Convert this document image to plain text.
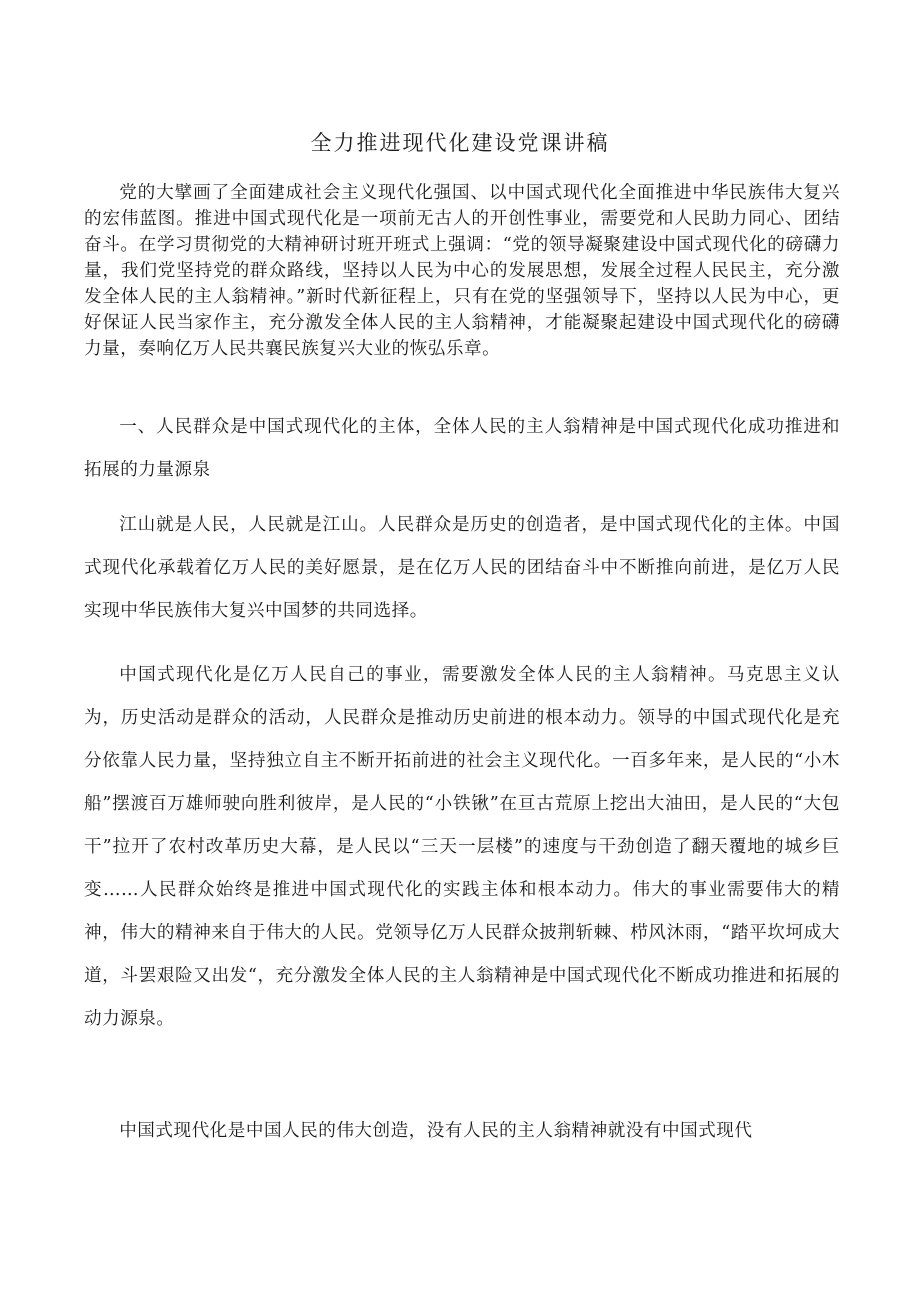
全力推进现代化建设党课讲稿

党的大擘画了全面建成社会主义现代化强国、以中国式现代化全面推进中华民族伟大复兴的宏伟蓝图。推进中国式现代化是一项前无古人的开创性事业，需要党和人民助力同心、团结奋斗。在学习贯彻党的大精神研讨班开班式上强调：“党的领导凝聚建设中国式现代化的磅礴力量，我们党坚持党的群众路线，坚持以人民为中心的发展思想，发展全过程人民民主，充分激发全体人民的主人翁精神。”新时代新征程上，只有在党的坚强领导下，坚持以人民为中心，更好保证人民当家作主，充分激发全体人民的主人翁精神，才能凝聚起建设中国式现代化的磅礴力量，奏响亿万人民共襄民族复兴大业的恢弘乐章。

一、人民群众是中国式现代化的主体，全体人民的主人翁精神是中国式现代化成功推进和拓展的力量源泉

江山就是人民，人民就是江山。人民群众是历史的创造者，是中国式现代化的主体。中国式现代化承载着亿万人民的美好愿景，是在亿万人民的团结奋斗中不断推向前进，是亿万人民实现中华民族伟大复兴中国梦的共同选择。

中国式现代化是亿万人民自己的事业，需要激发全体人民的主人翁精神。马克思主义认为，历史活动是群众的活动，人民群众是推动历史前进的根本动力。领导的中国式现代化是充分依靠人民力量，坚持独立自主不断开拓前进的社会主义现代化。一百多年来，是人民的“小木船”摆渡百万雄师驶向胜利彼岸，是人民的“小铁锹”在亘古荒原上挖出大油田，是人民的“大包干”拉开了农村改革历史大幕，是人民以“三天一层楼”的速度与干劲创造了翻天覆地的城乡巨变……人民群众始终是推进中国式现代化的实践主体和根本动力。伟大的事业需要伟大的精神，伟大的精神来自于伟大的人民。党领导亿万人民群众披荆斩棘、栉风沐雨，“踏平坎坷成大道，斗罢艰险又出发“，充分激发全体人民的主人翁精神是中国式现代化不断成功推进和拓展的动力源泉。

中国式现代化是中国人民的伟大创造，没有人民的主人翁精神就没有中国式现代
